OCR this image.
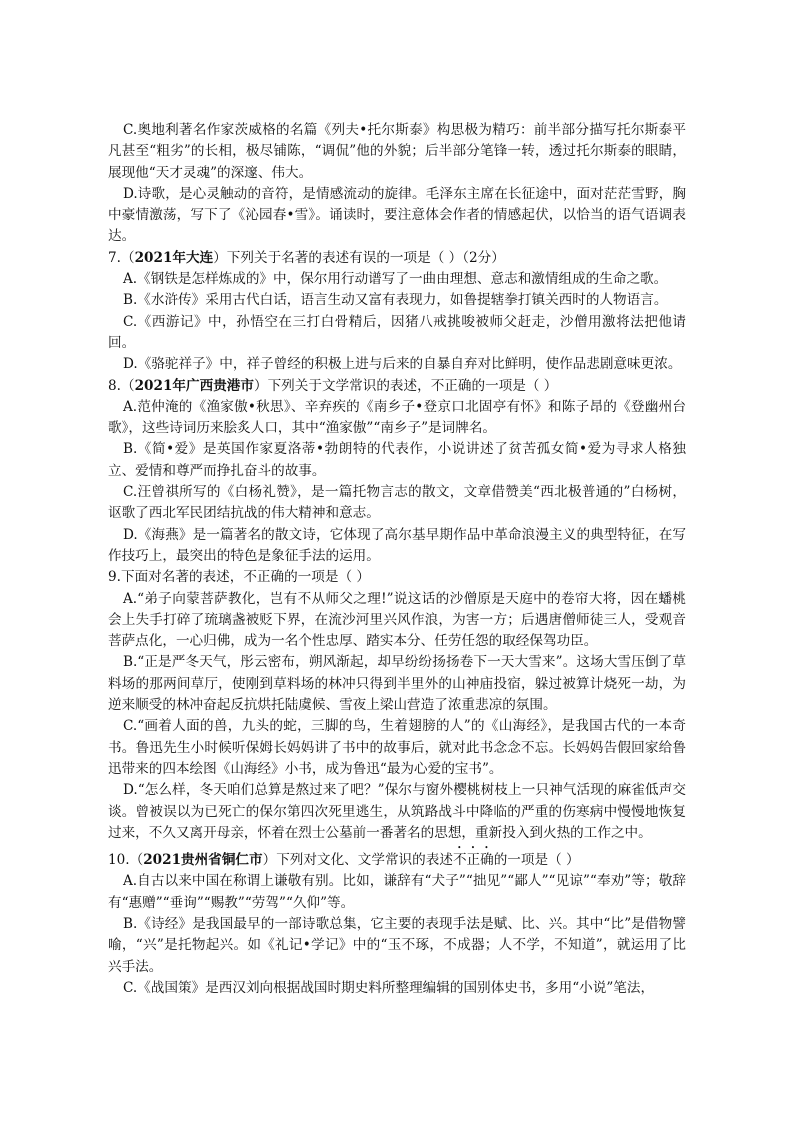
C.奥地利著名作家茨威格的名篇《列夫•托尔斯泰》构思极为精巧：前半部分描写托尔斯泰平凡甚至“粗劣”的长相，极尽铺陈，“调侃”他的外貌；后半部分笔锋一转，透过托尔斯泰的眼睛，展现他“天才灵魂”的深邃、伟大。

D.诗歌，是心灵触动的音符，是情感流动的旋律。毛泽东主席在长征途中，面对茫茫雪野，胸中豪情激荡，写下了《沁园春•雪》。诵读时，要注意体会作者的情感起伏，以恰当的语气语调表达。

7.（2021年大连）下列关于名著的表述有误的一项是（ ）（2分）

A.《钢铁是怎样炼成的》中，保尔用行动谱写了一曲由理想、意志和激情组成的生命之歌。

B.《水浒传》采用古代白话，语言生动又富有表现力，如鲁提辖拳打镇关西时的人物语言。

C.《西游记》中，孙悟空在三打白骨精后，因猪八戒挑唆被师父赶走，沙僧用激将法把他请回。

D.《骆驼祥子》中，祥子曾经的积极上进与后来的自暴自弃对比鲜明，使作品悲剧意味更浓。

8.（2021年广西贵港市）下列关于文学常识的表述，不正确的一项是（ ）

A.范仲淹的《渔家傲•秋思》、辛弃疾的《南乡子•登京口北固亭有怀》和陈子昂的《登幽州台歌》，这些诗词历来脍炙人口，其中“渔家傲”“南乡子”是词牌名。

B.《简•爱》是英国作家夏洛蒂•勃朗特的代表作，小说讲述了贫苦孤女简•爱为寻求人格独立、爱情和尊严而挣扎奋斗的故事。

C.汪曾祺所写的《白杨礼赞》，是一篇托物言志的散文，文章借赞美“西北极普通的”白杨树，讴歌了西北军民团结抗战的伟大精神和意志。

D.《海燕》是一篇著名的散文诗，它体现了高尔基早期作品中革命浪漫主义的典型特征，在写作技巧上，最突出的特色是象征手法的运用。

9.下面对名著的表述，不正确的一项是（ ）

A.“弟子向蒙菩萨教化，岂有不从师父之理!”说这话的沙僧原是天庭中的卷帘大将，因在蟠桃会上失手打碎了琉璃盏被贬下界，在流沙河里兴风作浪，为害一方；后遇唐僧师徒三人，受观音菩萨点化，一心归佛，成为一名个性忠厚、踏实本分、任劳任怨的取经保驾功臣。

B.“正是严冬天气，彤云密布，朔风渐起，却早纷纷扬扬卷下一天大雪来”。这场大雪压倒了草料场的那两间草厅，使刚到草料场的林冲只得到半里外的山神庙投宿，躲过被算计烧死一劫，为逆来顺受的林冲奋起反抗烘托陆虞候、雪夜上梁山营造了浓重悲凉的氛围。

C.“画着人面的兽，九头的蛇，三脚的鸟，生着翅膀的人”的《山海经》，是我国古代的一本奇书。鲁迅先生小时候听保姆长妈妈讲了书中的故事后，就对此书念念不忘。长妈妈告假回家给鲁迅带来的四本绘图《山海经》小书，成为鲁迅“最为心爱的宝书”。

D.“怎么样，冬天咱们总算是熬过来了吧？”保尔与窗外樱桃树枝上一只神气活现的麻雀低声交谈。曾被误以为已死亡的保尔第四次死里逃生，从筑路战斗中降临的严重的伤寒病中慢慢地恢复过来，不久又离开母亲，怀着在烈士公墓前一番著名的思想，重新投入到火热的工作之中。

10.（2021贵州省铜仁市）下列对文化、文学常识的表述不正确的一项是（ ）

A.自古以来中国在称谓上谦敬有别。比如，谦辞有“犬子”“拙见”“鄙人”“见谅”“奉劝”等；敬辞有“惠赠”“垂询”“赐教”“劳驾”“久仰”等。

B.《诗经》是我国最早的一部诗歌总集，它主要的表现手法是赋、比、兴。其中“比”是借物譬喻，“兴”是托物起兴。如《礼记•学记》中的“玉不琢，不成器；人不学，不知道”，就运用了比兴手法。

C.《战国策》是西汉刘向根据战国时期史料所整理编辑的国别体史书，多用“小说”笔法，
